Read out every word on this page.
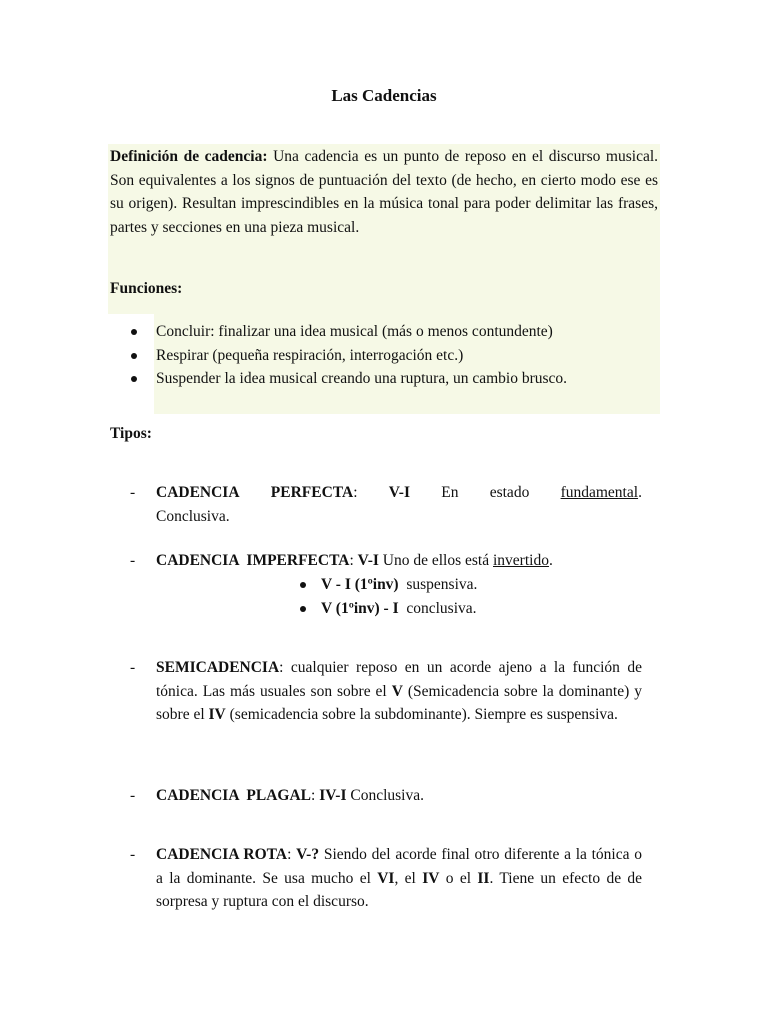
Las Cadencias
Definición de cadencia: Una cadencia es un punto de reposo en el discurso musical. Son equivalentes a los signos de puntuación del texto (de hecho, en cierto modo ese es su origen). Resultan imprescindibles en la música tonal para poder delimitar las frases, partes y secciones en una pieza musical.
Funciones:
Concluir: finalizar una idea musical (más o menos contundente)
Respirar (pequeña respiración, interrogación etc.)
Suspender la idea musical creando una ruptura, un cambio brusco.
Tipos:
- CADENCIA PERFECTA: V-I En estado fundamental.
Conclusiva.
- CADENCIA  IMPERFECTA: V-I Uno de ellos está invertido.
V - I (1ºinv)  suspensiva.
V (1ºinv) - I  conclusiva.
- SEMICADENCIA: cualquier reposo en un acorde ajeno a la función de tónica. Las más usuales son sobre el V (Semicadencia sobre la dominante) y sobre el IV (semicadencia sobre la subdominante). Siempre es suspensiva.
- CADENCIA  PLAGAL: IV-I Conclusiva.
- CADENCIA ROTA: V-? Siendo del acorde final otro diferente a la tónica o a la dominante. Se usa mucho el VI, el IV o el II. Tiene un efecto de de sorpresa y ruptura con el discurso.
